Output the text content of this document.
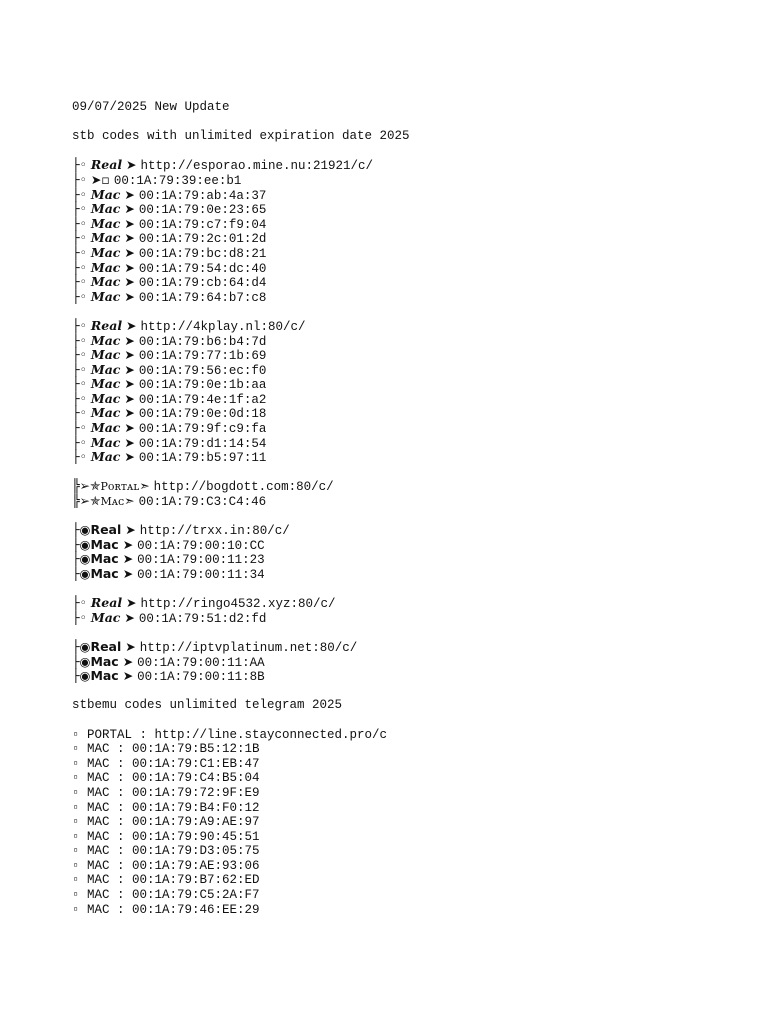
09/07/2025 New Update
stb codes with unlimited expiration date 2025
├◦ 𝑹𝒆𝒂𝒍 ➤ http://esporao.mine.nu:21921/c/
├◦ ➤▫ 00:1A:79:39:ee:b1
├◦ 𝑴𝒂𝒄 ➤ 00:1A:79:ab:4a:37
├◦ 𝑴𝒂𝒄 ➤ 00:1A:79:0e:23:65
├◦ 𝑴𝒂𝒄 ➤ 00:1A:79:c7:f9:04
├◦ 𝑴𝒂𝒄 ➤ 00:1A:79:2c:01:2d
├◦ 𝑴𝒂𝒄 ➤ 00:1A:79:bc:d8:21
├◦ 𝑴𝒂𝒄 ➤ 00:1A:79:54:dc:40
├◦ 𝑴𝒂𝒄 ➤ 00:1A:79:cb:64:d4
├◦ 𝑴𝒂𝒄 ➤ 00:1A:79:64:b7:c8
├◦ 𝑹𝒆𝒂𝒍 ➤ http://4kplay.nl:80/c/
├◦ 𝑴𝒂𝒄 ➤ 00:1A:79:b6:b4:7d
├◦ 𝑴𝒂𝒄 ➤ 00:1A:79:77:1b:69
├◦ 𝑴𝒂𝒄 ➤ 00:1A:79:56:ec:f0
├◦ 𝑴𝒂𝒄 ➤ 00:1A:79:0e:1b:aa
├◦ 𝑴𝒂𝒄 ➤ 00:1A:79:4e:1f:a2
├◦ 𝑴𝒂𝒄 ➤ 00:1A:79:0e:0d:18
├◦ 𝑴𝒂𝒄 ➤ 00:1A:79:9f:c9:fa
├◦ 𝑴𝒂𝒄 ➤ 00:1A:79:d1:14:54
├◦ 𝑴𝒂𝒄 ➤ 00:1A:79:b5:97:11
╠➢✯Pᴏʀᴛᴀʟ➣ http://bogdott.com:80/c/
╠➢✯Mᴀᴄ➣ 00:1A:79:C3:C4:46
├◉Real ➤ http://trxx.in:80/c/
├◉Mac ➤ 00:1A:79:00:10:CC
├◉Mac ➤ 00:1A:79:00:11:23
├◉Mac ➤ 00:1A:79:00:11:34
├◦ 𝑹𝒆𝒂𝒍 ➤ http://ringo4532.xyz:80/c/
├◦ 𝑴𝒂𝒄 ➤ 00:1A:79:51:d2:fd
├◉Real ➤ http://iptvplatinum.net:80/c/
├◉Mac ➤ 00:1A:79:00:11:AA
├◉Mac ➤ 00:1A:79:00:11:8B
stbemu codes unlimited telegram 2025
▫ PORTAL : http://line.stayconnected.pro/c
▫ MAC : 00:1A:79:B5:12:1B
▫ MAC : 00:1A:79:C1:EB:47
▫ MAC : 00:1A:79:C4:B5:04
▫ MAC : 00:1A:79:72:9F:E9
▫ MAC : 00:1A:79:B4:F0:12
▫ MAC : 00:1A:79:A9:AE:97
▫ MAC : 00:1A:79:90:45:51
▫ MAC : 00:1A:79:D3:05:75
▫ MAC : 00:1A:79:AE:93:06
▫ MAC : 00:1A:79:B7:62:ED
▫ MAC : 00:1A:79:C5:2A:F7
▫ MAC : 00:1A:79:46:EE:29
